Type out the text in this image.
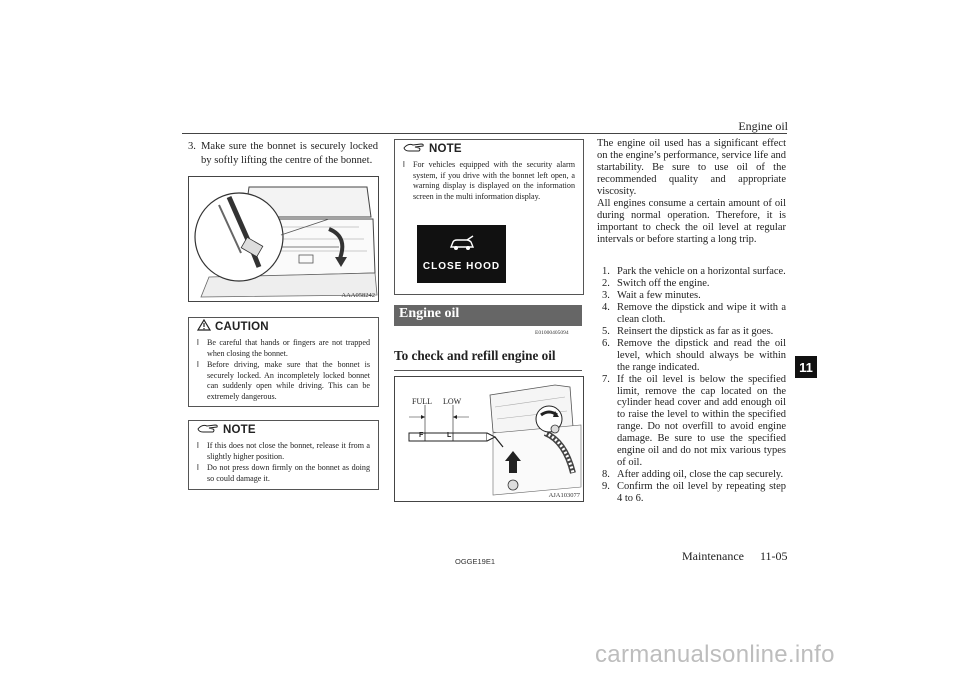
Engine oil
11
3. Make sure the bonnet is securely locked by softly lifting the centre of the bonnet.
AAA058242
CAUTION
l Be careful that hands or fingers are not trapped when closing the bonnet.
l Before driving, make sure that the bonnet is securely locked. An incompletely locked bonnet can suddenly open while driving. This can be extremely dangerous.
NOTE
l If this does not close the bonnet, release it from a slightly higher position.
l Do not press down firmly on the bonnet as doing so could damage it.
NOTE
l For vehicles equipped with the security alarm system, if you drive with the bonnet left open, a warning display is displayed on the information screen in the multi information display.
CLOSE HOOD
Engine oil
E01000405094
To check and refill engine oil
FULL LOW
F	L
AJA103077
The engine oil used has a significant effect on the engine’s performance, service life and startability. Be sure to use oil of the recommended quality and appropriate viscosity.
All engines consume a certain amount of oil during normal operation. Therefore, it is important to check the oil level at regular intervals or before starting a long trip.
1. Park the vehicle on a horizontal surface.
2. Switch off the engine.
3. Wait a few minutes.
4. Remove the dipstick and wipe it with a clean cloth.
5. Reinsert the dipstick as far as it goes.
6. Remove the dipstick and read the oil level, which should always be within the range indicated.
7. If the oil level is below the specified limit, remove the cap located on the cylinder head cover and add enough oil to raise the level to within the specified range. Do not overfill to avoid engine damage. Be sure to use the specified engine oil and do not mix various types of oil.
8. After adding oil, close the cap securely.
9. Confirm the oil level by repeating step 4 to 6.
OGGE19E1	Maintenance 11-05
carmanualsonline.info
